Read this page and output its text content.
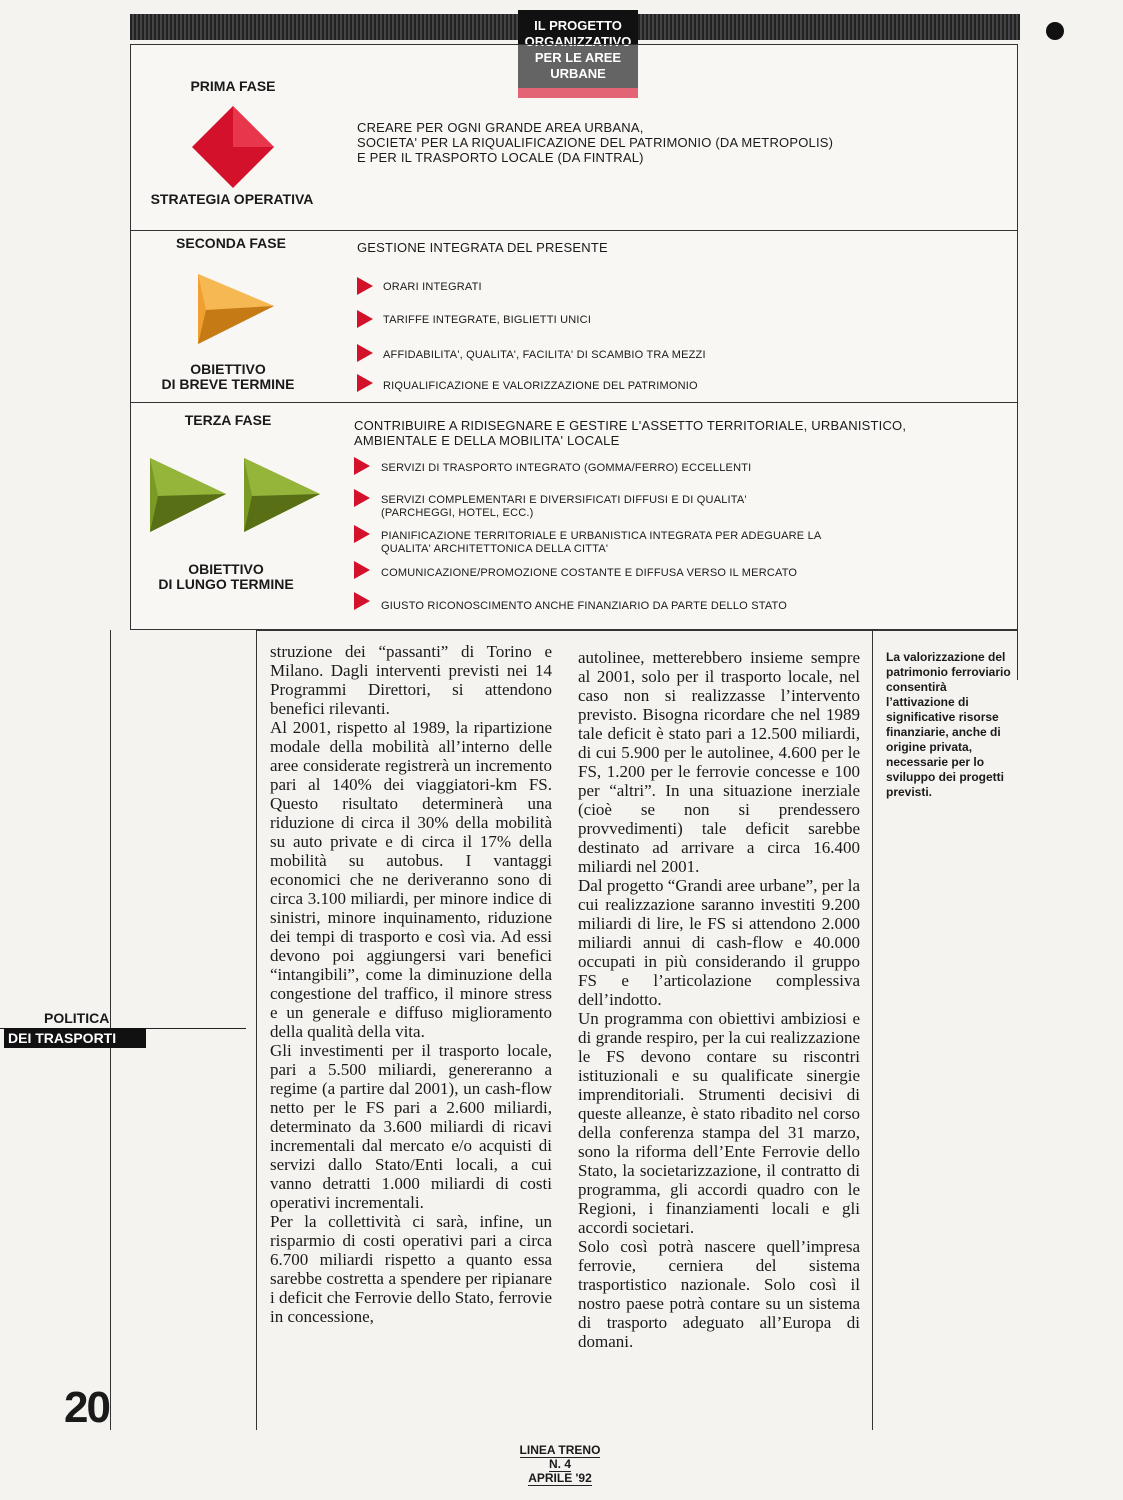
IL PROGETTO
ORGANIZZATIVO
PER LE AREE
URBANE
PRIMA FASE
STRATEGIA OPERATIVA
CREARE PER OGNI GRANDE AREA URBANA,
SOCIETA' PER LA RIQUALIFICAZIONE DEL PATRIMONIO (DA METROPOLIS)
E PER IL TRASPORTO LOCALE (DA FINTRAL)
SECONDA FASE
OBIETTIVO
DI BREVE TERMINE
GESTIONE INTEGRATA DEL PRESENTE
ORARI INTEGRATI
TARIFFE INTEGRATE, BIGLIETTI UNICI
AFFIDABILITA', QUALITA', FACILITA' DI SCAMBIO TRA MEZZI
RIQUALIFICAZIONE E VALORIZZAZIONE DEL PATRIMONIO
TERZA FASE
OBIETTIVO
DI LUNGO TERMINE
CONTRIBUIRE A RIDISEGNARE E GESTIRE L'ASSETTO TERRITORIALE, URBANISTICO,
AMBIENTALE E DELLA MOBILITA' LOCALE
SERVIZI DI TRASPORTO INTEGRATO (GOMMA/FERRO) ECCELLENTI
SERVIZI COMPLEMENTARI E DIVERSIFICATI DIFFUSI E DI QUALITA' (PARCHEGGI, HOTEL, ECC.)
PIANIFICAZIONE TERRITORIALE E URBANISTICA INTEGRATA PER ADEGUARE LA QUALITA' ARCHITETTONICA DELLA CITTA'
COMUNICAZIONE/PROMOZIONE COSTANTE E DIFFUSA VERSO IL MERCATO
GIUSTO RICONOSCIMENTO ANCHE FINANZIARIO DA PARTE DELLO STATO

struzione dei “passanti” di Torino e Milano. Dagli interventi previsti nei 14 Programmi Direttori, si attendono benefici rilevanti.

Al 2001, rispetto al 1989, la ripartizione modale della mobilità all’interno delle aree considerate registrerà un incremento pari al 140% dei viaggiatori-km FS. Questo risultato determinerà una riduzione di circa il 30% della mobilità su auto private e di circa il 17% della mobilità su autobus. I vantaggi economici che ne deriveranno sono di circa 3.100 miliardi, per minore indice di sinistri, minore inquinamento, riduzione dei tempi di trasporto e così via. Ad essi devono poi aggiungersi vari benefici “intangibili”, come la diminuzione della congestione del traffico, il minore stress e un generale e diffuso miglioramento della qualità della vita.

Gli investimenti per il trasporto locale, pari a 5.500 miliardi, genereranno a regime (a partire dal 2001), un cash-flow netto per le FS pari a 2.600 miliardi, determinato da 3.600 miliardi di ricavi incrementali dal mercato e/o acquisti di servizi dallo Stato/Enti locali, a cui vanno detratti 1.000 miliardi di costi operativi incrementali.

Per la collettività ci sarà, infine, un risparmio di costi operativi pari a circa 6.700 miliardi rispetto a quanto essa sarebbe costretta a spendere per ripianare i deficit che Ferrovie dello Stato, ferrovie in concessione,

autolinee, metterebbero insieme sempre al 2001, solo per il trasporto locale, nel caso non si realizzasse l’intervento previsto. Bisogna ricordare che nel 1989 tale deficit è stato pari a 12.500 miliardi, di cui 5.900 per le autolinee, 4.600 per le FS, 1.200 per le ferrovie concesse e 100 per “altri”. In una situazione inerziale (cioè se non si prendessero provvedimenti) tale deficit sarebbe destinato ad arrivare a circa 16.400 miliardi nel 2001.

Dal progetto “Grandi aree urbane”, per la cui realizzazione saranno investiti 9.200 miliardi di lire, le FS si attendono 2.000 miliardi annui di cash-flow e 40.000 occupati in più considerando il gruppo FS e l’articolazione complessiva dell’indotto.

Un programma con obiettivi ambiziosi e di grande respiro, per la cui realizzazione le FS devono contare su riscontri istituzionali e su qualificate sinergie imprenditoriali. Strumenti decisivi di queste alleanze, è stato ribadito nel corso della conferenza stampa del 31 marzo, sono la riforma dell’Ente Ferrovie dello Stato, la societarizzazione, il contratto di programma, gli accordi quadro con le Regioni, i finanziamenti locali e gli accordi societari.

Solo così potrà nascere quell’impresa ferrovie, cerniera del sistema trasportistico nazionale. Solo così il nostro paese potrà contare su un sistema di trasporto adeguato all’Europa di domani.

La valorizzazione del patrimonio ferroviario consentirà l’attivazione di significative risorse finanziarie, anche di origine privata, necessarie per lo sviluppo dei progetti previsti.
POLITICADEI TRASPORTI
20
LINEA TRENO
N. 4
APRILE '92
